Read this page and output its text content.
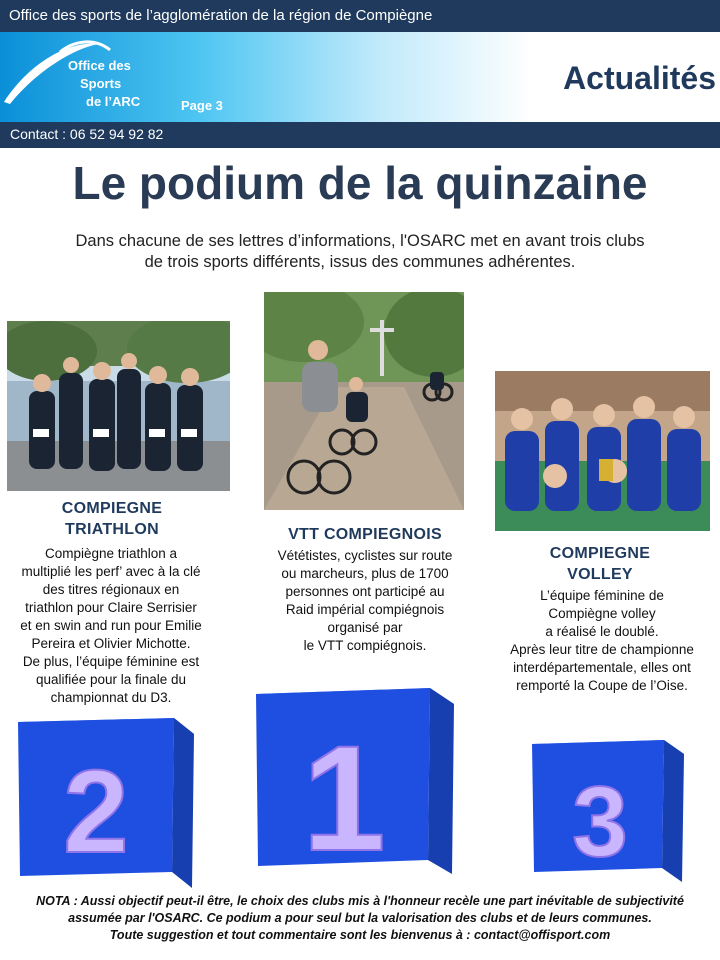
Office des sports de l’agglomération de la région de Compiègne
Office des
Sports
de l’ARC	Page 3
Actualités
Contact : 06 52 94 92 82
Le podium de la quinzaine
Dans chacune de ses lettres d’informations, l'OSARC met en avant trois clubs
de trois sports différents, issus des communes adhérentes.
COMPIEGNE
TRIATHLON
Compiègne triathlon a
multiplié les perf’ avec à la clé
des titres régionaux en
triathlon pour Claire Serrisier
et en swin and run pour Emilie
Pereira et Olivier Michotte.
De plus, l’équipe féminine est
qualifiée pour la finale du
championnat du D3.
VTT COMPIEGNOIS
Vététistes, cyclistes sur route
ou marcheurs, plus de 1700
personnes ont participé au
Raid impérial compiégnois
organisé par
le VTT compiégnois.
COMPIEGNE
VOLLEY
L’équipe féminine de
Compiègne volley
a réalisé le doublé.
Après leur titre de championne
interdépartementale, elles ont
remporté la Coupe de l’Oise.
2 1 3
NOTA : Aussi objectif peut-il être, le choix des clubs mis à l'honneur recèle une part inévitable de subjectivité
assumée par l'OSARC. Ce podium a pour seul but la valorisation des clubs et de leurs communes.
Toute suggestion et tout commentaire sont les bienvenus à : contact@offisport.com
